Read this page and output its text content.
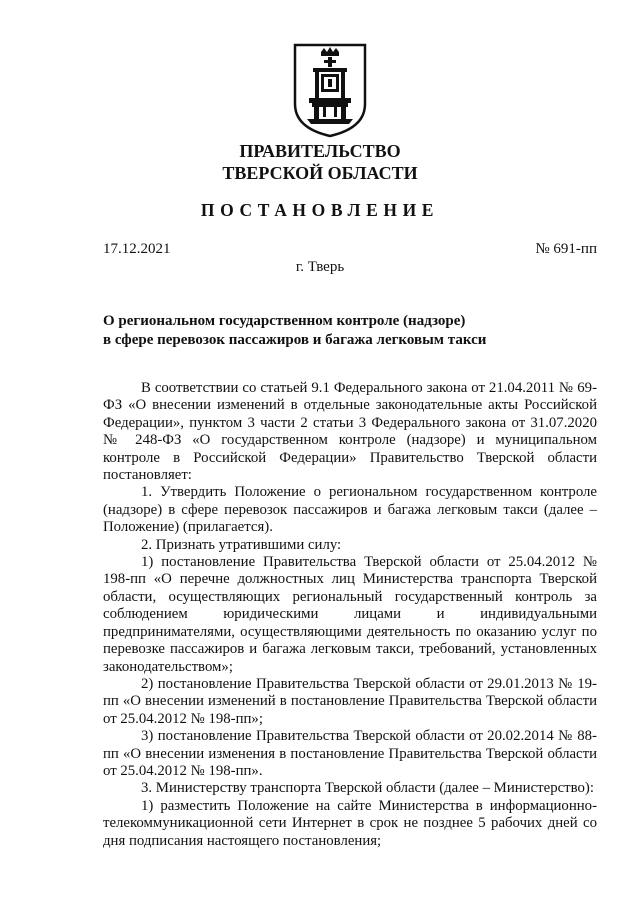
ПРАВИТЕЛЬСТВО
ТВЕРСКОЙ ОБЛАСТИ
ПОСТАНОВЛЕНИЕ
17.12.2021	№ 691-пп
г. Тверь
О региональном государственном контроле (надзоре)
в сфере перевозок пассажиров и багажа легковым такси

В соответствии со статьей 9.1 Федерального закона от 21.04.2011 № 69-ФЗ «О внесении изменений в отдельные законодательные акты Российской Федерации», пунктом 3 части 2 статьи 3 Федерального закона от 31.07.2020 № 248-ФЗ «О государственном контроле (надзоре) и муниципальном контроле в Российской Федерации» Правительство Тверской области постановляет:

1. Утвердить Положение о региональном государственном контроле (надзоре) в сфере перевозок пассажиров и багажа легковым такси (далее – Положение) (прилагается).

2. Признать утратившими силу:

1) постановление Правительства Тверской области от 25.04.2012 № 198-пп «О перечне должностных лиц Министерства транспорта Тверской области, осуществляющих региональный государственный контроль за соблюдением юридическими лицами и индивидуальными предпринимателями, осуществляющими деятельность по оказанию услуг по перевозке пассажиров и багажа легковым такси, требований, установленных законодательством»;

2) постановление Правительства Тверской области от 29.01.2013 № 19-пп «О внесении изменений в постановление Правительства Тверской области от 25.04.2012 № 198-пп»;

3) постановление Правительства Тверской области от 20.02.2014 № 88-пп «О внесении изменения в постановление Правительства Тверской области от 25.04.2012 № 198-пп».

3. Министерству транспорта Тверской области (далее – Министерство):

1) разместить Положение на сайте Министерства в информационно-телекоммуникационной сети Интернет в срок не позднее 5 рабочих дней со дня подписания настоящего постановления;
